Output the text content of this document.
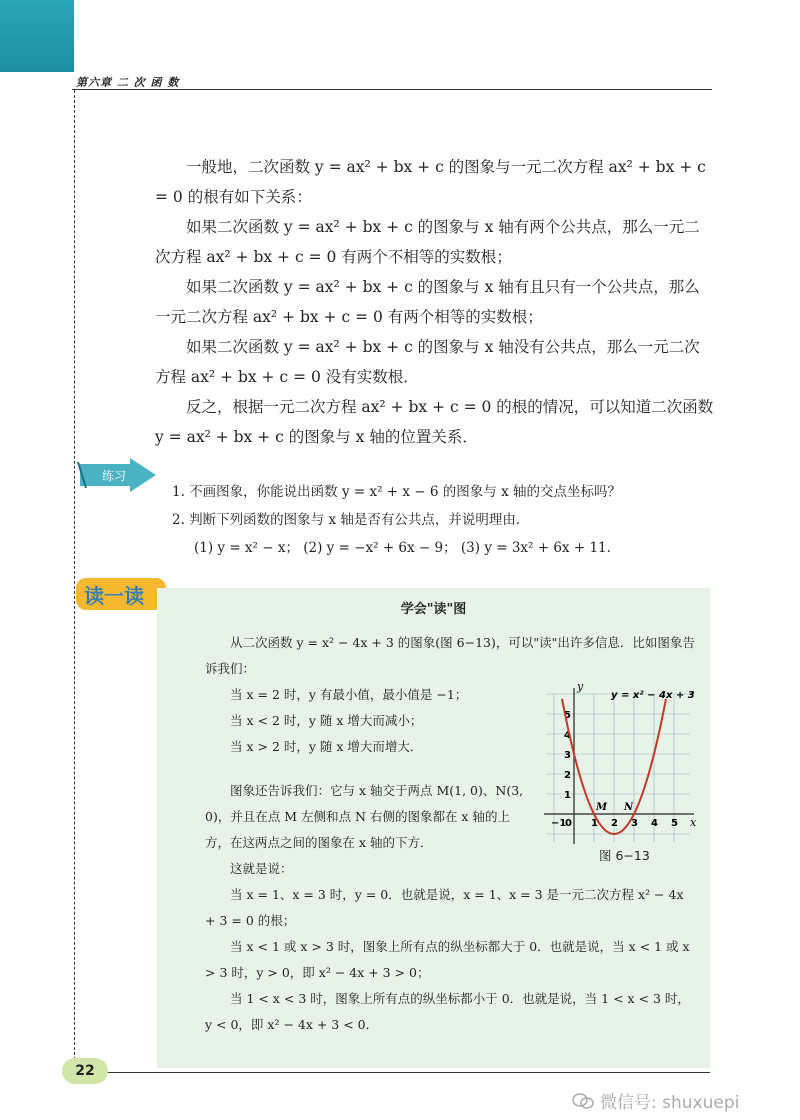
第六章 二 次 函 数

一般地，二次函数 y = ax² + bx + c 的图象与一元二次方程 ax² + bx + c = 0 的根有如下关系：

如果二次函数 y = ax² + bx + c 的图象与 x 轴有两个公共点，那么一元二次方程 ax² + bx + c = 0 有两个不相等的实数根；

如果二次函数 y = ax² + bx + c 的图象与 x 轴有且只有一个公共点，那么一元二次方程 ax² + bx + c = 0 有两个相等的实数根；

如果二次函数 y = ax² + bx + c 的图象与 x 轴没有公共点，那么一元二次方程 ax² + bx + c = 0 没有实数根．

反之，根据一元二次方程 ax² + bx + c = 0 的根的情况，可以知道二次函数 y = ax² + bx + c 的图象与 x 轴的位置关系．

练习

1. 不画图象，你能说出函数 y = x² + x − 6 的图象与 x 轴的交点坐标吗？

2. 判断下列函数的图象与 x 轴是否有公共点，并说明理由．

(1) y = x² − x； (2) y = −x² + 6x − 9； (3) y = 3x² + 6x + 11.

读一读
学会"读"图

从二次函数 y = x² − 4x + 3 的图象(图 6−13)，可以"读"出许多信息．比如图象告诉我们：

当 x = 2 时，y 有最小值，最小值是 −1；

当 x < 2 时，y 随 x 增大而减小；

当 x > 2 时，y 随 x 增大而增大．

图象还告诉我们：它与 x 轴交于两点 M(1, 0)、N(3, 0)，并且在点 M 左侧和点 N 右侧的图象都在 x 轴的上方，在这两点之间的图象在 x 轴的下方．

这就是说：

当 x = 1、x = 3 时，y = 0．也就是说，x = 1、x = 3 是一元二次方程 x² − 4x + 3 = 0 的根；

当 x < 1 或 x > 3 时，图象上所有点的纵坐标都大于 0．也就是说，当 x < 1 或 x > 3 时，y > 0，即 x² − 4x + 3 > 0；

当 1 < x < 3 时，图象上所有点的纵坐标都小于 0．也就是说，当 1 < x < 3 时，y < 0，即 x² − 4x + 3 < 0．

−1
0 1 2 3 4 5
1
2
3
4
5
y = x² − 4x + 3
M N
x
y
图 6−13
22
微信号: shuxuepi
